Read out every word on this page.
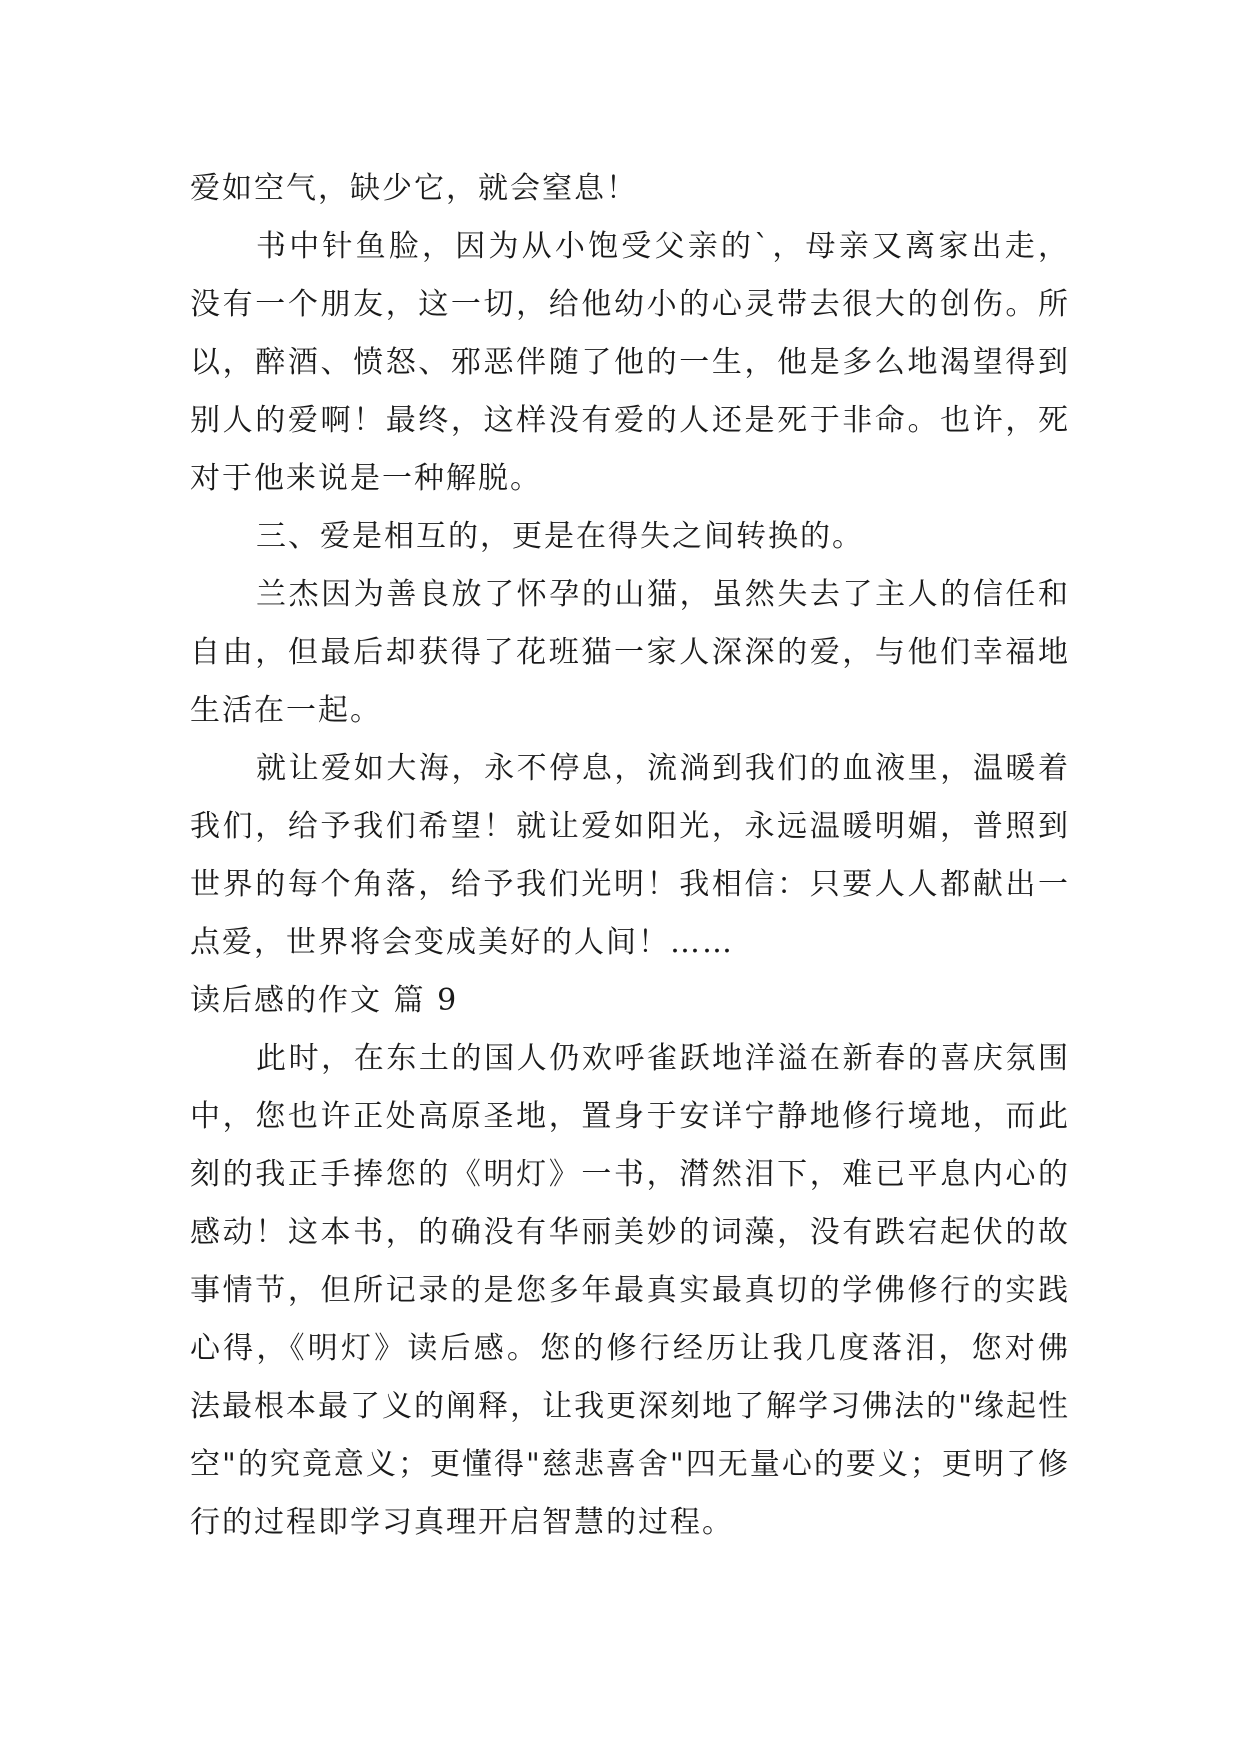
爱如空气，缺少它，就会窒息！

书中针鱼脸，因为从小饱受父亲的`，母亲又离家出走，没有一个朋友，这一切，给他幼小的心灵带去很大的创伤。所以，醉酒、愤怒、邪恶伴随了他的一生，他是多么地渴望得到别人的爱啊！最终，这样没有爱的人还是死于非命。也许，死对于他来说是一种解脱。

三、爱是相互的，更是在得失之间转换的。

兰杰因为善良放了怀孕的山猫，虽然失去了主人的信任和自由，但最后却获得了花班猫一家人深深的爱，与他们幸福地生活在一起。

就让爱如大海，永不停息，流淌到我们的血液里，温暖着我们，给予我们希望！就让爱如阳光，永远温暖明媚，普照到世界的每个角落，给予我们光明！我相信：只要人人都献出一点爱，世界将会变成美好的人间！……

读后感的作文 篇 9

此时，在东土的国人仍欢呼雀跃地洋溢在新春的喜庆氛围中，您也许正处高原圣地，置身于安详宁静地修行境地，而此刻的我正手捧您的《明灯》一书，潸然泪下，难已平息内心的感动！这本书，的确没有华丽美妙的词藻，没有跌宕起伏的故事情节，但所记录的是您多年最真实最真切的学佛修行的实践心得，《明灯》读后感。您的修行经历让我几度落泪，您对佛法最根本最了义的阐释，让我更深刻地了解学习佛法的"缘起性空"的究竟意义；更懂得"慈悲喜舍"四无量心的要义；更明了修行的过程即学习真理开启智慧的过程。
